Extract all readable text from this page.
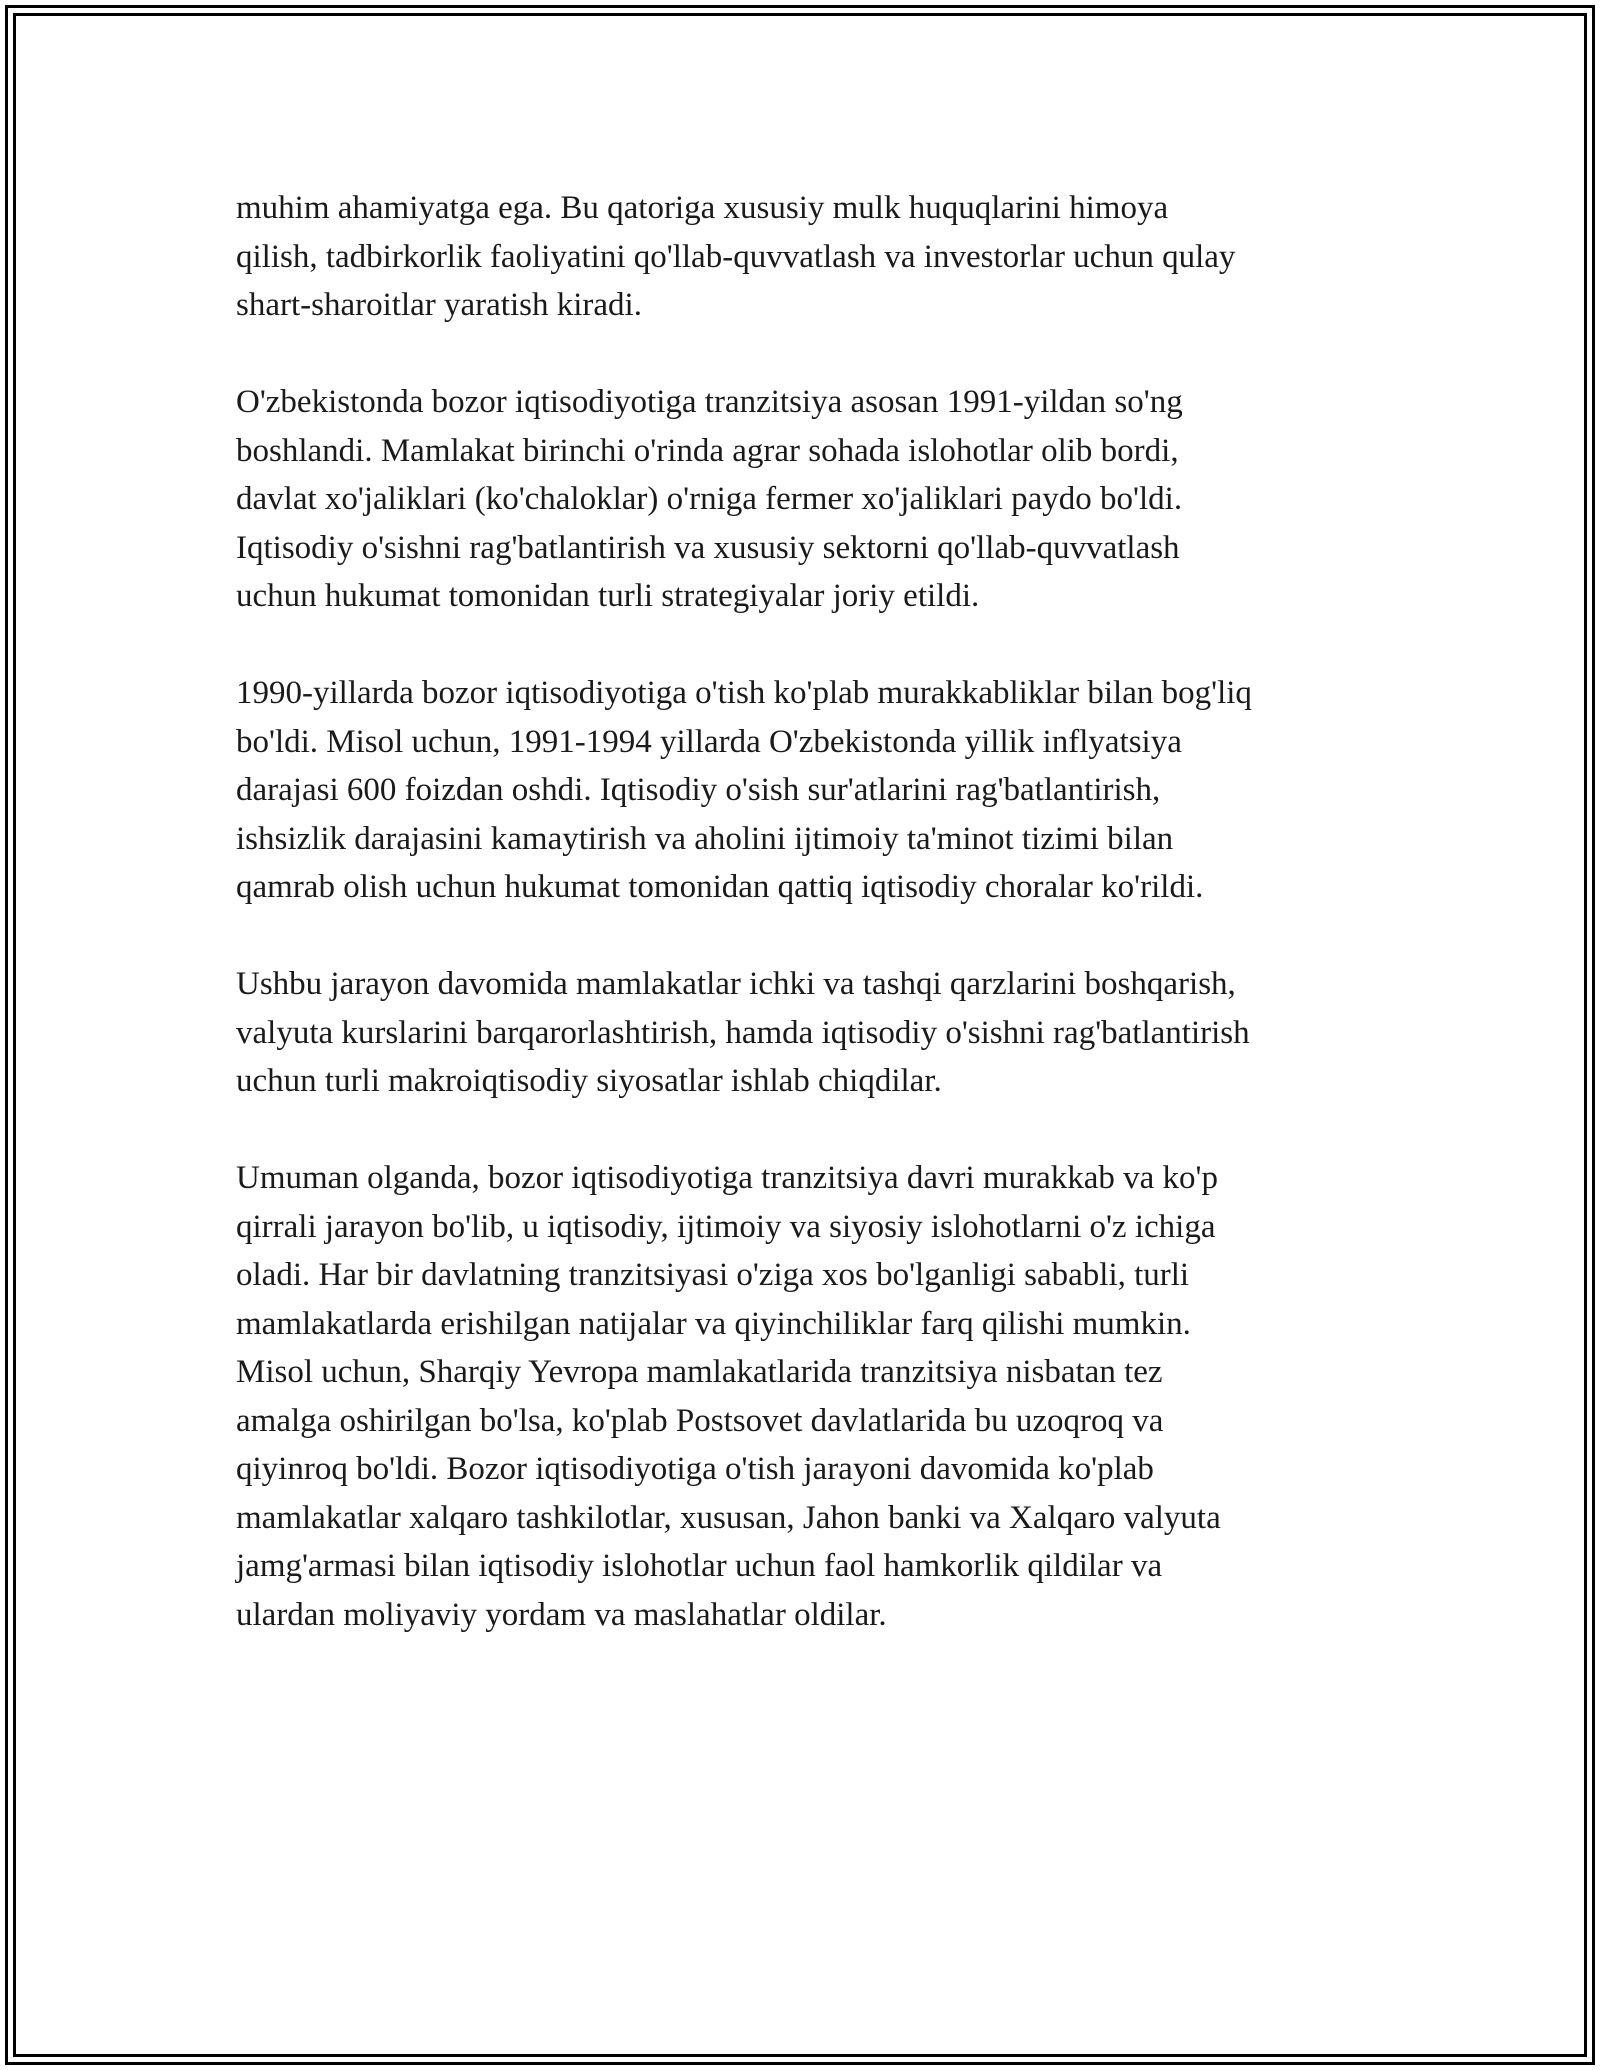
muhim ahamiyatga ega. Bu qatoriga xususiy mulk huquqlarini himoya
qilish, tadbirkorlik faoliyatini qo'llab-quvvatlash va investorlar uchun qulay
shart-sharoitlar yaratish kiradi.

O'zbekistonda bozor iqtisodiyotiga tranzitsiya asosan 1991-yildan so'ng
boshlandi. Mamlakat birinchi o'rinda agrar sohada islohotlar olib bordi,
davlat xo'jaliklari (ko'chaloklar) o'rniga fermer xo'jaliklari paydo bo'ldi.
Iqtisodiy o'sishni rag'batlantirish va xususiy sektorni qo'llab-quvvatlash
uchun hukumat tomonidan turli strategiyalar joriy etildi.

1990-yillarda bozor iqtisodiyotiga o'tish ko'plab murakkabliklar bilan bog'liq
bo'ldi. Misol uchun, 1991-1994 yillarda O'zbekistonda yillik inflyatsiya
darajasi 600 foizdan oshdi. Iqtisodiy o'sish sur'atlarini rag'batlantirish,
ishsizlik darajasini kamaytirish va aholini ijtimoiy ta'minot tizimi bilan
qamrab olish uchun hukumat tomonidan qattiq iqtisodiy choralar ko'rildi.

Ushbu jarayon davomida mamlakatlar ichki va tashqi qarzlarini boshqarish,
valyuta kurslarini barqarorlashtirish, hamda iqtisodiy o'sishni rag'batlantirish
uchun turli makroiqtisodiy siyosatlar ishlab chiqdilar.

Umuman olganda, bozor iqtisodiyotiga tranzitsiya davri murakkab va ko'p
qirrali jarayon bo'lib, u iqtisodiy, ijtimoiy va siyosiy islohotlarni o'z ichiga
oladi. Har bir davlatning tranzitsiyasi o'ziga xos bo'lganligi sababli, turli
mamlakatlarda erishilgan natijalar va qiyinchiliklar farq qilishi mumkin.
Misol uchun, Sharqiy Yevropa mamlakatlarida tranzitsiya nisbatan tez
amalga oshirilgan bo'lsa, ko'plab Postsovet davlatlarida bu uzoqroq va
qiyinroq bo'ldi. Bozor iqtisodiyotiga o'tish jarayoni davomida ko'plab
mamlakatlar xalqaro tashkilotlar, xususan, Jahon banki va Xalqaro valyuta
jamg'armasi bilan iqtisodiy islohotlar uchun faol hamkorlik qildilar va
ulardan moliyaviy yordam va maslahatlar oldilar.
